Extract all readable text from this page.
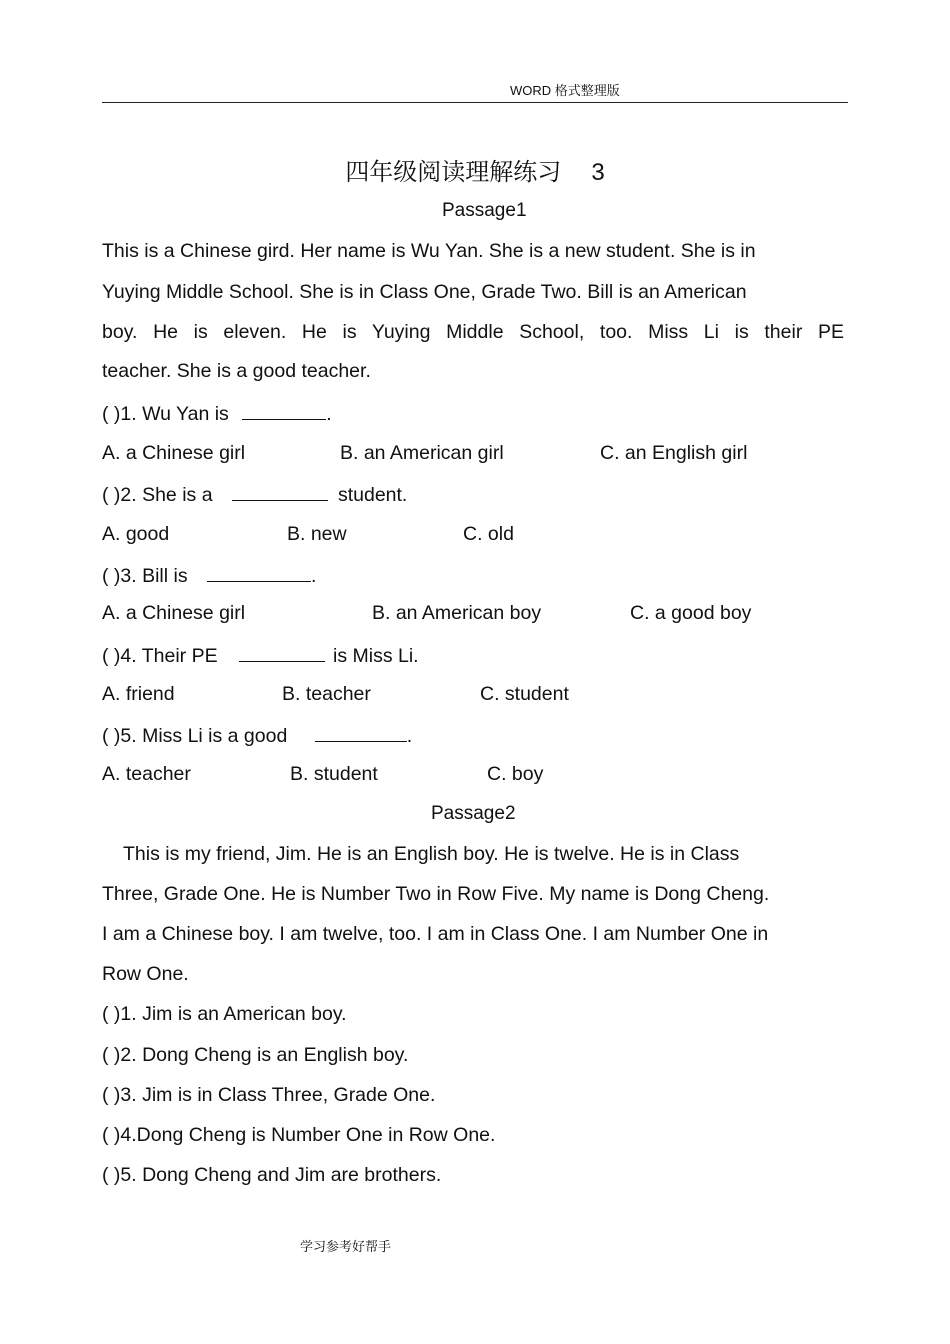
WORD 格式整理版
四年级阅读理解练习 3
Passage1
This is a Chinese gird. Her name is Wu Yan. She is a new student. She is in
Yuying Middle School. She is in Class One, Grade Two. Bill is an American
boy. He is eleven. He is Yuying Middle School, too. Miss Li is their PE
teacher. She is a good teacher.
( )1. Wu Yan is	.
A. a Chinese girl	B. an American girl	C. an English girl
( )2. She is a	student.
A. good	B. new	C. old
( )3. Bill is	.
A. a Chinese girl	B. an American boy	C. a good boy
( )4. Their PE	is Miss Li.
A. friend	B. teacher	C. student
( )5. Miss Li is a good	.
A. teacher	B. student	C. boy
Passage2
This is my friend, Jim. He is an English boy. He is twelve. He is in Class
Three, Grade One. He is Number Two in Row Five. My name is Dong Cheng.
I am a Chinese boy. I am twelve, too. I am in Class One. I am Number One in
Row One.
( )1. Jim is an American boy.
( )2. Dong Cheng is an English boy.
( )3. Jim is in Class Three, Grade One.
( )4.Dong Cheng is Number One in Row One.
( )5. Dong Cheng and Jim are brothers.
学习参考好帮手
